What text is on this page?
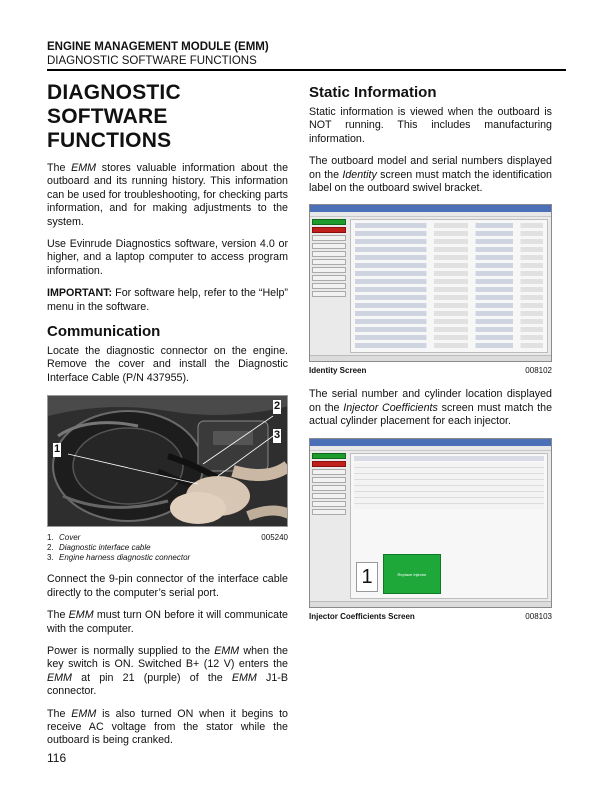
ENGINE MANAGEMENT MODULE (EMM)
DIAGNOSTIC SOFTWARE FUNCTIONS
DIAGNOSTIC
SOFTWARE FUNCTIONS

The EMM stores valuable information about the outboard and its running history. This information can be used for troubleshooting, for checking parts information, and for making adjustments to the system.

Use Evinrude Diagnostics software, version 4.0 or higher, and a laptop computer to access program information.

IMPORTANT: For software help, refer to the “Help” menu in the software.

Communication

Locate the diagnostic connector on the engine. Remove the cover and install the Diagnostic Interface Cable (P/N 437955).

1
2
3
005240
1. Cover
2. Diagnostic interface cable
3. Engine harness diagnostic connector

Connect the 9-pin connector of the interface cable directly to the computer’s serial port.

The EMM must turn ON before it will communicate with the computer.

Power is normally supplied to the EMM when the key switch is ON. Switched B+ (12 V) enters the EMM at pin 21 (purple) of the EMM J1-B connector.

The EMM is also turned ON when it begins to receive AC voltage from the stator while the outboard is being cranked.

Static Information

Static information is viewed when the outboard is NOT running. This includes manufacturing information.

The outboard model and serial numbers displayed on the Identity screen must match the identification label on the outboard swivel bracket.

Identity Screen	008102

The serial number and cylinder location displayed on the Injector Coefficients screen must match the actual cylinder placement for each injector.

1	Replace Injector
Injector Coefficients Screen	008103
116
